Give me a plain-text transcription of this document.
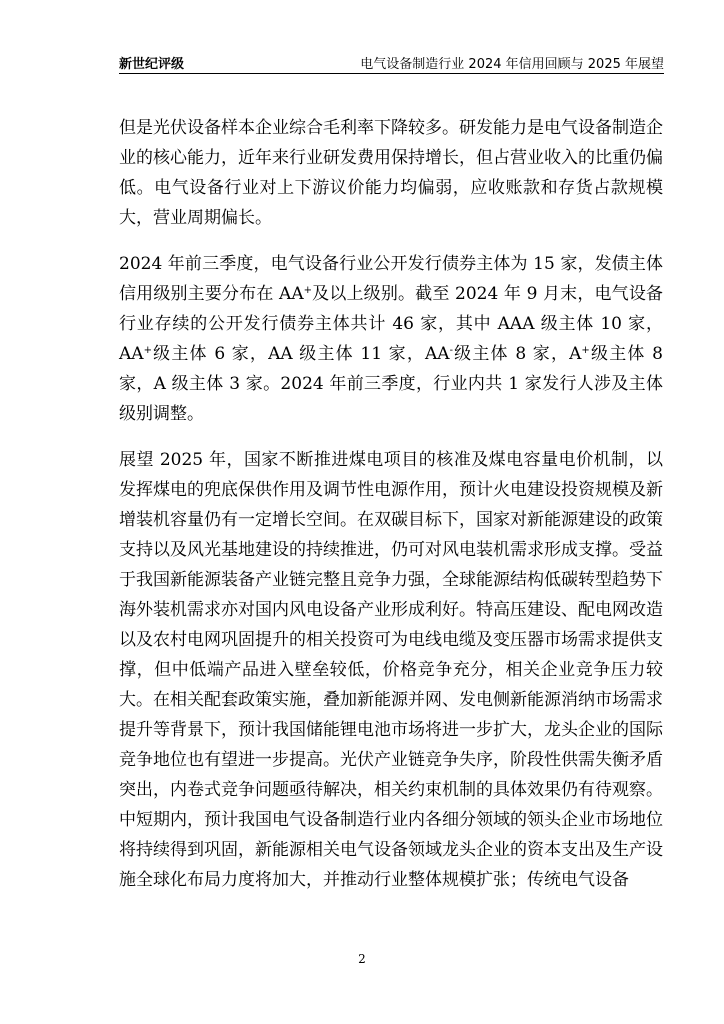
新世纪评级	电气设备制造行业 2024 年信用回顾与 2025 年展望

但是光伏设备样本企业综合毛利率下降较多。研发能力是电气设备制造企业的核心能力，近年来行业研发费用保持增长，但占营业收入的比重仍偏低。电气设备行业对上下游议价能力均偏弱，应收账款和存货占款规模大，营业周期偏长。

2024 年前三季度，电气设备行业公开发行债券主体为 15 家，发债主体信用级别主要分布在 AA+及以上级别。截至 2024 年 9 月末，电气设备行业存续的公开发行债券主体共计 46 家，其中 AAA 级主体 10 家，AA+级主体 6 家，AA 级主体 11 家，AA-级主体 8 家，A+级主体 8 家，A 级主体 3 家。2024 年前三季度，行业内共 1 家发行人涉及主体级别调整。

展望 2025 年，国家不断推进煤电项目的核准及煤电容量电价机制，以发挥煤电的兜底保供作用及调节性电源作用，预计火电建设投资规模及新增装机容量仍有一定增长空间。在双碳目标下，国家对新能源建设的政策支持以及风光基地建设的持续推进，仍可对风电装机需求形成支撑。受益于我国新能源装备产业链完整且竞争力强，全球能源结构低碳转型趋势下海外装机需求亦对国内风电设备产业形成利好。特高压建设、配电网改造以及农村电网巩固提升的相关投资可为电线电缆及变压器市场需求提供支撑，但中低端产品进入壁垒较低，价格竞争充分，相关企业竞争压力较大。在相关配套政策实施，叠加新能源并网、发电侧新能源消纳市场需求提升等背景下，预计我国储能锂电池市场将进一步扩大，龙头企业的国际竞争地位也有望进一步提高。光伏产业链竞争失序，阶段性供需失衡矛盾突出，内卷式竞争问题亟待解决，相关约束机制的具体效果仍有待观察。中短期内，预计我国电气设备制造行业内各细分领域的领头企业市场地位将持续得到巩固，新能源相关电气设备领域龙头企业的资本支出及生产设施全球化布局力度将加大，并推动行业整体规模扩张；传统电气设备

2
